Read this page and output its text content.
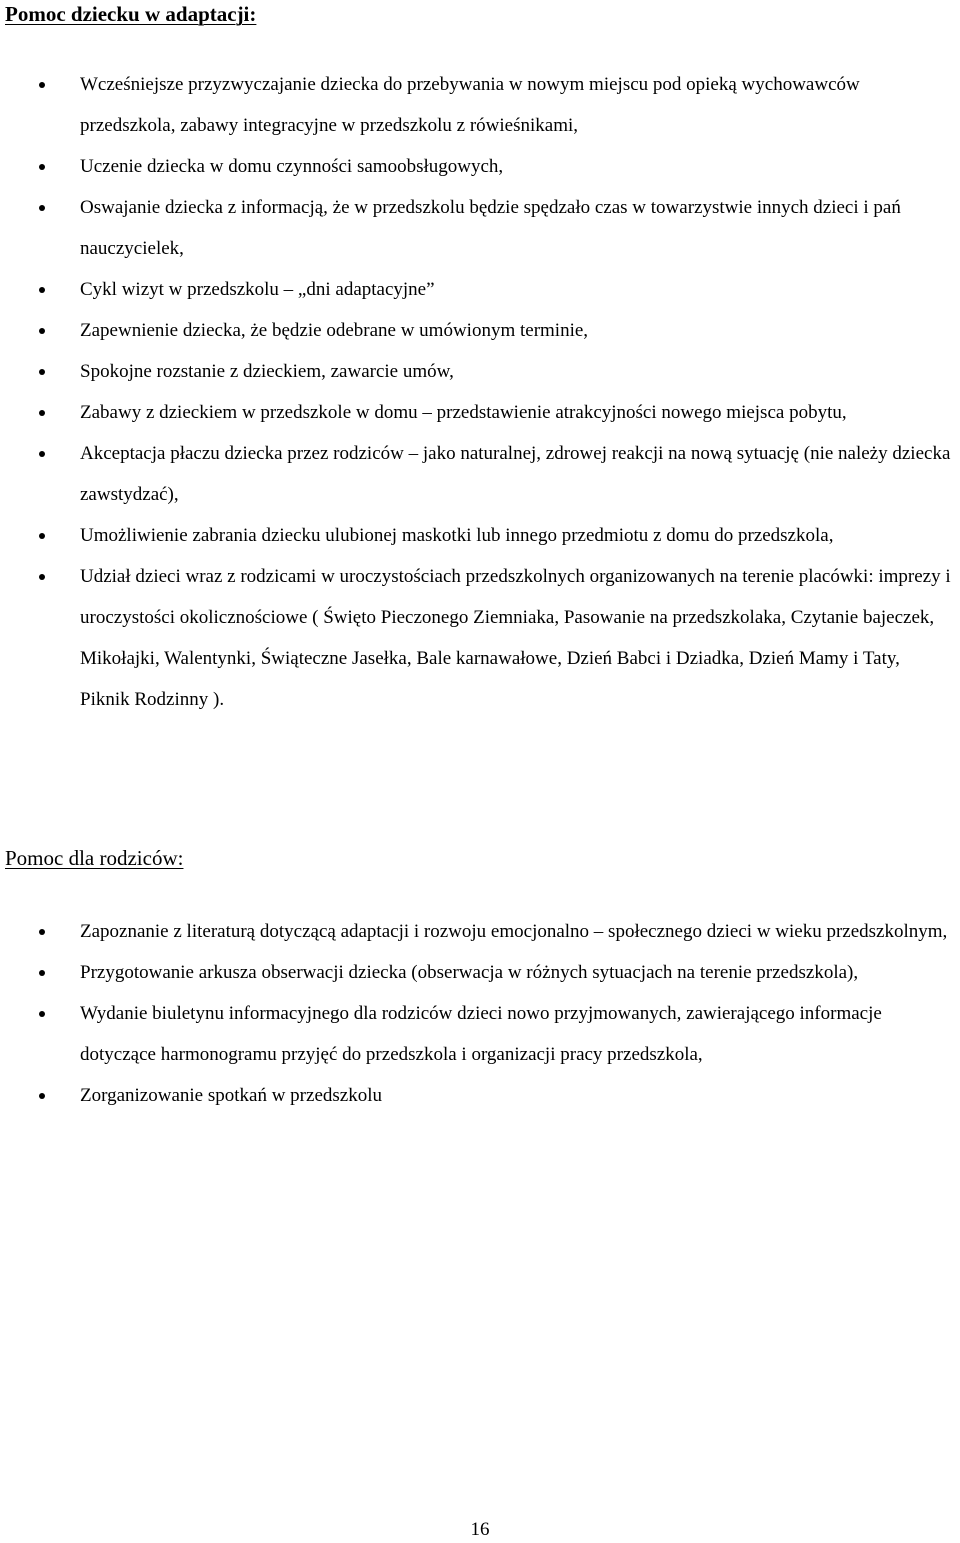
Pomoc dziecku w adaptacji:
Wcześniejsze przyzwyczajanie dziecka do przebywania w nowym miejscu pod opieką wychowawców przedszkola, zabawy integracyjne w przedszkolu z rówieśnikami,
Uczenie dziecka w domu czynności samoobsługowych,
Oswajanie dziecka z informacją, że w przedszkolu będzie spędzało czas w towarzystwie innych dzieci i pań nauczycielek,
Cykl wizyt w przedszkolu – „dni adaptacyjne”
Zapewnienie dziecka, że będzie odebrane w umówionym terminie,
Spokojne rozstanie z dzieckiem, zawarcie umów,
Zabawy z dzieckiem w przedszkole w domu – przedstawienie atrakcyjności nowego miejsca pobytu,
Akceptacja płaczu dziecka przez rodziców – jako naturalnej, zdrowej reakcji na nową sytuację (nie należy dziecka zawstydzać),
Umożliwienie zabrania dziecku ulubionej maskotki lub innego przedmiotu z domu do przedszkola,
Udział dzieci wraz z rodzicami w uroczystościach przedszkolnych organizowanych na terenie placówki: imprezy i uroczystości okolicznościowe ( Święto Pieczonego Ziemniaka, Pasowanie na przedszkolaka, Czytanie bajeczek, Mikołajki, Walentynki, Świąteczne Jasełka, Bale karnawałowe, Dzień Babci i Dziadka, Dzień Mamy i Taty, Piknik Rodzinny ).
Pomoc dla rodziców:
Zapoznanie z literaturą dotyczącą adaptacji i rozwoju emocjonalno – społecznego dzieci w wieku przedszkolnym,
Przygotowanie arkusza obserwacji dziecka (obserwacja w różnych sytuacjach na terenie przedszkola),
Wydanie biuletynu informacyjnego dla rodziców dzieci nowo przyjmowanych, zawierającego informacje dotyczące harmonogramu przyjęć do przedszkola i organizacji pracy przedszkola,
Zorganizowanie spotkań w przedszkolu

16
